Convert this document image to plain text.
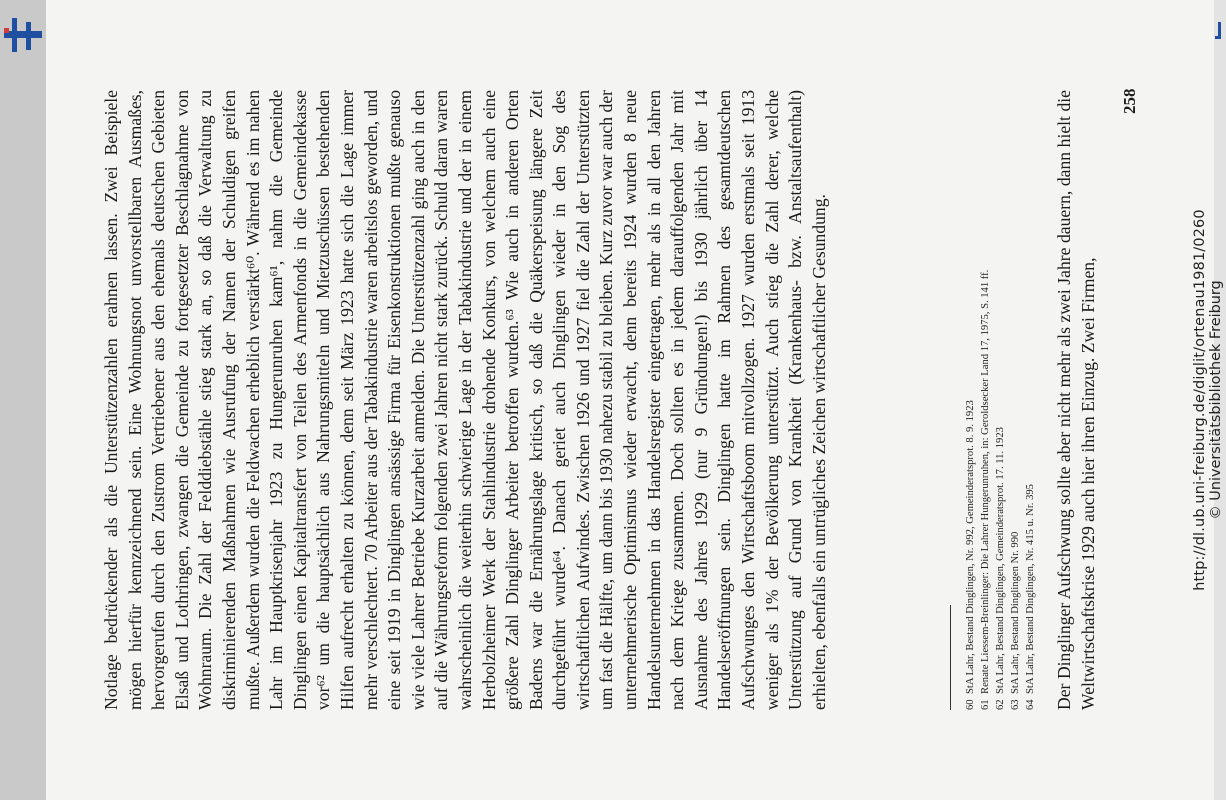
Notlage bedrückender als die Unterstützenzahlen erahnen lassen. Zwei Beispiele mögen hierfür kennzeichnend sein. Eine Wohnungsnot unvorstellbaren Ausmaßes, hervorgerufen durch den Zustrom Vertriebener aus den ehemals deutschen Gebieten Elsaß und Lothringen, zwangen die Gemeinde zu fortgesetzter Beschlagnahme von Wohnraum. Die Zahl der Felddiebstähle stieg stark an, so daß die Verwaltung zu diskriminierenden Maßnahmen wie Ausrufung der Namen der Schuldigen greifen mußte. Außerdem wurden die Feldwachen erheblich verstärkt⁶⁰. Während es im nahen Lahr im Hauptkrisenjahr 1923 zu Hungerunruhen kam⁶¹, nahm die Gemeinde Dinglingen einen Kapitaltransfert von Teilen des Armenfonds in die Gemeindekasse vor⁶² um die hauptsächlich aus Nahrungsmitteln und Mietzuschüssen bestehenden Hilfen aufrecht erhalten zu können, denn seit März 1923 hatte sich die Lage immer mehr verschlechtert. 70 Arbeiter aus der Tabakindustrie waren arbeitslos geworden, und eine seit 1919 in Dinglingen ansässige Firma für Eisenkonstruktionen mußte genauso wie viele Lahrer Betriebe Kurzarbeit anmelden. Die Unterstützenzahl ging auch in den auf die Währungsreform folgenden zwei Jahren nicht stark zurück. Schuld daran waren wahrscheinlich die weiterhin schwierige Lage in der Tabakindustrie und der in einem Herbolzheimer Werk der Stahlindustrie drohende Konkurs, von welchem auch eine größere Zahl Dinglinger Arbeiter betroffen wurden.⁶³ Wie auch in anderen Orten Badens war die Ernährungslage kritisch, so daß die Quäkerspeisung längere Zeit durchgeführt wurde⁶⁴. Danach geriet auch Dinglingen wieder in den Sog des wirtschaftlichen Aufwindes. Zwischen 1926 und 1927 fiel die Zahl der Unterstützten um fast die Hälfte, um dann bis 1930 nahezu stabil zu bleiben. Kurz zuvor war auch der unternehmerische Optimismus wieder erwacht, denn bereits 1924 wurden 8 neue Handelsunternehmen in das Handelsregister eingetragen, mehr als in all den Jahren nach dem Kriege zusammen. Doch sollten es in jedem darauffolgenden Jahr mit Ausnahme des Jahres 1929 (nur 9 Gründungen!) bis 1930 jährlich über 14 Handelseröffnungen sein. Dinglingen hatte im Rahmen des gesamtdeutschen Aufschwunges den Wirtschaftsboom mitvollzogen. 1927 wurden erstmals seit 1913 weniger als 1% der Bevölkerung unterstützt. Auch stieg die Zahl derer, welche Unterstützung auf Grund von Krankheit (Krankenhaus- bzw. Anstaltsaufenthalt) erhielten, ebenfalls ein untrügliches Zeichen wirtschaftlicher Gesundung.	60StA Lahr, Bestand Dinglingen, Nr. 992, Gemeinderatsprot. 8. 9. 1923
61Renate Liessem-Breinlinger: Die Lahrer Hungerunruhen, in: Geroldsecker Land 17, 1975, S. 141 ff.
62StA Lahr, Bestand Dinglingen, Gemeinderatsprot. 17. 11. 1923
63StA Lahr, Bestand Dinglingen Nr. 990
64StA Lahr, Bestand Dinglingen, Nr. 415 u. Nr. 395 Der Dinglinger Aufschwung sollte aber nicht mehr als zwei Jahre dauern, dann hielt die Weltwirtschaftskrise 1929 auch hier ihren Einzug. Zwei Firmen,
258
http://dl.ub.uni-freiburg.de/diglit/ortenau1981/0260 © Universitätsbibliothek Freiburg
